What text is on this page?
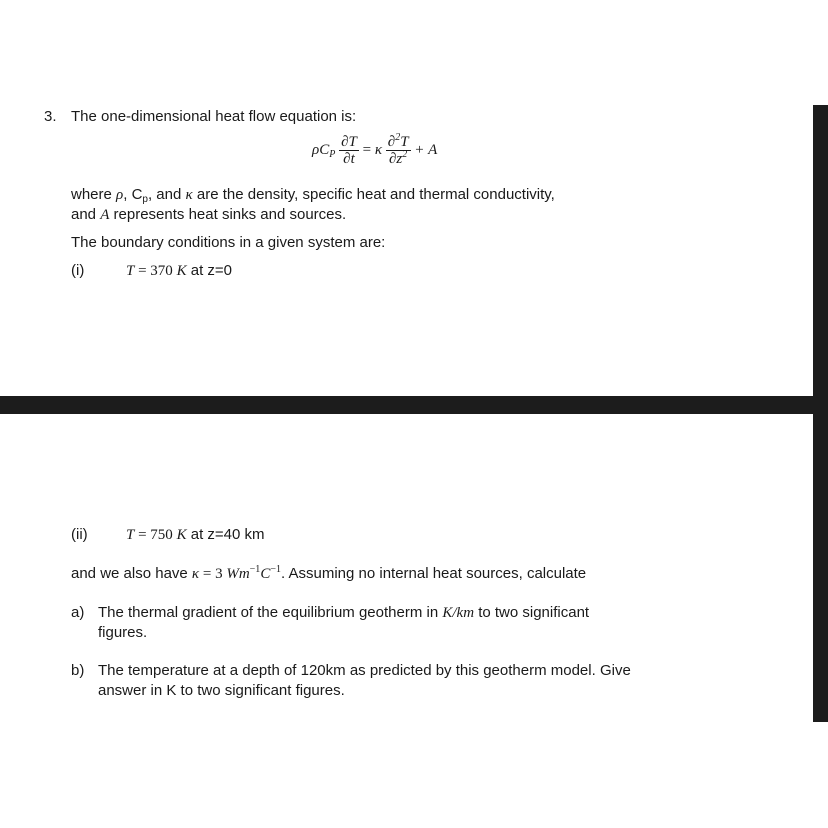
3. The one-dimensional heat flow equation is:
$\rho C_P \frac{\partial T}{\partial t} = \kappa \frac{\partial^2T}{\partial z^2} + A$
where ρ, $C_p$, and κ are the density, specific heat and thermal conductivity,
and A represents heat sinks and sources.
The boundary conditions in a given system are:
(i)	T = 370 K at z=0
(ii)	T = 750 K at z=40 km
and we also have κ = 3 $Wm^{-1}C^{-1}$. Assuming no internal heat sources, calculate
a) The thermal gradient of the equilibrium geotherm in K/km to two significant
figures.
b) The temperature at a depth of 120km as predicted by this geotherm model. Give
answer in K to two significant figures.
